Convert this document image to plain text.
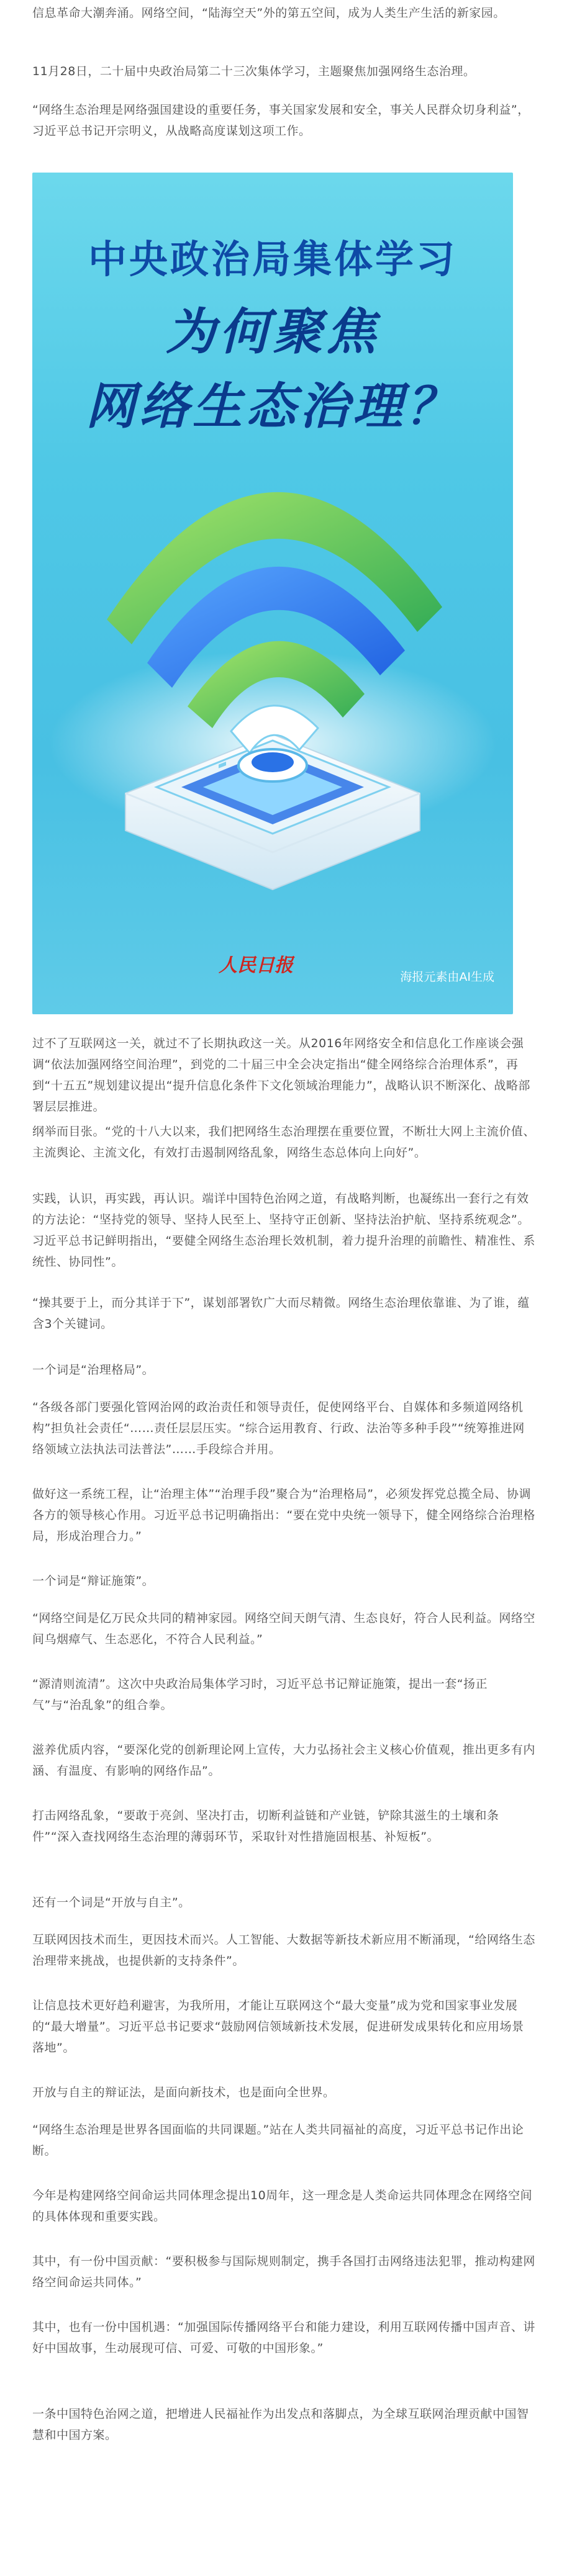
信息革命大潮奔涌。网络空间，“陆海空天”外的第五空间，成为人类生产生活的新家园。

11月28日，二十届中央政治局第二十三次集体学习，主题聚焦加强网络生态治理。

“网络生态治理是网络强国建设的重要任务，事关国家发展和安全，事关人民群众切身利益”，习近平总书记开宗明义，从战略高度谋划这项工作。

中央政治局集体学习
为何聚焦
网络生态治理？
人民日报
海报元素由AI生成

过不了互联网这一关，就过不了长期执政这一关。从2016年网络安全和信息化工作座谈会强调“依法加强网络空间治理”，到党的二十届三中全会决定指出“健全网络综合治理体系”，再到“十五五”规划建议提出“提升信息化条件下文化领域治理能力”，战略认识不断深化、战略部署层层推进。

纲举而目张。“党的十八大以来，我们把网络生态治理摆在重要位置，不断壮大网上主流价值、主流舆论、主流文化，有效打击遏制网络乱象，网络生态总体向上向好”。

实践，认识，再实践，再认识。端详中国特色治网之道，有战略判断，也凝练出一套行之有效的方法论：“坚持党的领导、坚持人民至上、坚持守正创新、坚持法治护航、坚持系统观念”。习近平总书记鲜明指出，“要健全网络生态治理长效机制，着力提升治理的前瞻性、精准性、系统性、协同性”。

“操其要于上，而分其详于下”，谋划部署钦广大而尽精微。网络生态治理依靠谁、为了谁，蕴含3个关键词。

一个词是“治理格局”。

“各级各部门要强化管网治网的政治责任和领导责任，促使网络平台、自媒体和多频道网络机构”担负社会责任“……责任层层压实。“综合运用教育、行政、法治等多种手段”“统筹推进网络领域立法执法司法普法”……手段综合并用。

做好这一系统工程，让“治理主体”“治理手段”聚合为“治理格局”，必须发挥党总揽全局、协调各方的领导核心作用。习近平总书记明确指出：“要在党中央统一领导下，健全网络综合治理格局，形成治理合力。”

一个词是“辩证施策”。

“网络空间是亿万民众共同的精神家园。网络空间天朗气清、生态良好，符合人民利益。网络空间乌烟瘴气、生态恶化，不符合人民利益。”

“源清则流清”。这次中央政治局集体学习时，习近平总书记辩证施策，提出一套“扬正气”与“治乱象”的组合拳。

滋养优质内容，“要深化党的创新理论网上宣传，大力弘扬社会主义核心价值观，推出更多有内涵、有温度、有影响的网络作品”。

打击网络乱象，“要敢于亮剑、坚决打击，切断利益链和产业链，铲除其滋生的土壤和条件”“深入查找网络生态治理的薄弱环节，采取针对性措施固根基、补短板”。

还有一个词是“开放与自主”。

互联网因技术而生，更因技术而兴。人工智能、大数据等新技术新应用不断涌现，“给网络生态治理带来挑战，也提供新的支持条件”。

让信息技术更好趋利避害，为我所用，才能让互联网这个“最大变量”成为党和国家事业发展的“最大增量”。习近平总书记要求“鼓励网信领域新技术发展，促进研发成果转化和应用场景落地”。

开放与自主的辩证法，是面向新技术，也是面向全世界。

“网络生态治理是世界各国面临的共同课题。”站在人类共同福祉的高度，习近平总书记作出论断。

今年是构建网络空间命运共同体理念提出10周年，这一理念是人类命运共同体理念在网络空间的具体体现和重要实践。

其中，有一份中国贡献：“要积极参与国际规则制定，携手各国打击网络违法犯罪，推动构建网络空间命运共同体。”

其中，也有一份中国机遇：“加强国际传播网络平台和能力建设，利用互联网传播中国声音、讲好中国故事，生动展现可信、可爱、可敬的中国形象。”

一条中国特色治网之道，把增进人民福祉作为出发点和落脚点，为全球互联网治理贡献中国智慧和中国方案。
